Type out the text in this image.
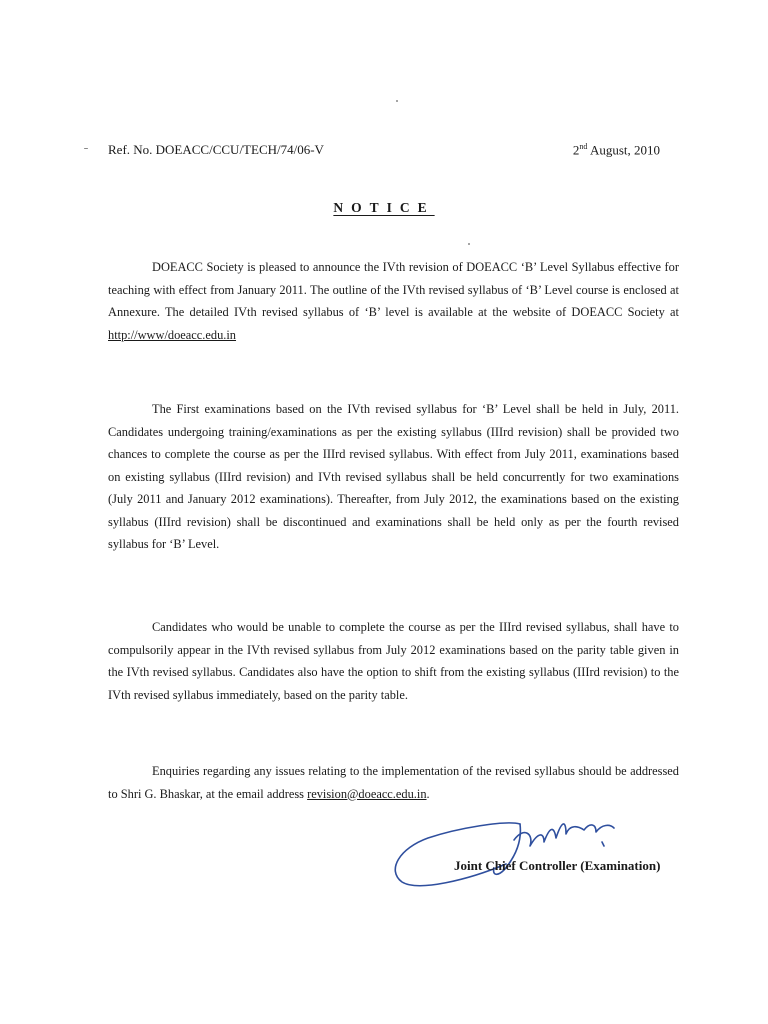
Ref. No. DOEACC/CCU/TECH/74/06-V	2nd August, 2010
NOTICE

DOEACC Society is pleased to announce the IVth revision of DOEACC ‘B’ Level Syllabus effective for teaching with effect from January 2011. The outline of the IVth revised syllabus of ‘B’ Level course is enclosed at Annexure. The detailed IVth revised syllabus of ‘B’ level is available at the website of DOEACC Society at http://www/doeacc.edu.in

The First examinations based on the IVth revised syllabus for ‘B’ Level shall be held in July, 2011. Candidates undergoing training/examinations as per the existing syllabus (IIIrd revision) shall be provided two chances to complete the course as per the IIIrd revised syllabus. With effect from July 2011, examinations based on existing syllabus (IIIrd revision) and IVth revised syllabus shall be held concurrently for two examinations (July 2011 and January 2012 examinations). Thereafter, from July 2012, the examinations based on the existing syllabus (IIIrd revision) shall be discontinued and examinations shall be held only as per the fourth revised syllabus for ‘B’ Level.

Candidates who would be unable to complete the course as per the IIIrd revised syllabus, shall have to compulsorily appear in the IVth revised syllabus from July 2012 examinations based on the parity table given in the IVth revised syllabus. Candidates also have the option to shift from the existing syllabus (IIIrd revision) to the IVth revised syllabus immediately, based on the parity table.

Enquiries regarding any issues relating to the implementation of the revised syllabus should be addressed to Shri G. Bhaskar, at the email address revision@doeacc.edu.in.

Joint Chief Controller (Examination)
